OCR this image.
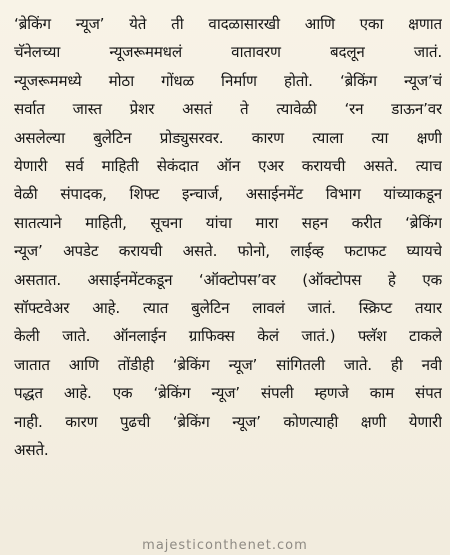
‘ब्रेकिंग न्यूज’ येते ती वादळासारखी आणि एका क्षणात
चॅनेलच्या न्यूजरूममधलं वातावरण बदलून जातं.
न्यूजरूममध्ये मोठा गोंधळ निर्माण होतो. ‘ब्रेकिंग न्यूज’चं
सर्वात जास्त प्रेशर असतं ते त्यावेळी ‘रन डाऊन’वर
असलेल्या बुलेटिन प्रोड्युसरवर. कारण त्याला त्या क्षणी
येणारी सर्व माहिती सेकंदात ऑन एअर करायची असते. त्याच
वेळी संपादक, शिफ्ट इन्चार्ज, असाईनमेंट विभाग यांच्याकडून
सातत्याने माहिती, सूचना यांचा मारा सहन करीत ‘ब्रेकिंग
न्यूज’ अपडेट करायची असते. फोनो, लाईव्ह फटाफट घ्यायचे
असतात. असाईनमेंटकडून ‘ऑक्टोपस’वर (ऑक्टोपस हे एक
सॉफ्टवेअर आहे. त्यात बुलेटिन लावलं जातं. स्क्रिप्ट तयार
केली जाते. ऑनलाईन ग्राफिक्स केलं जातं.) फ्लॅश टाकले
जातात आणि तोंडीही ‘ब्रेकिंग न्यूज’ सांगितली जाते. ही नवी
पद्धत आहे. एक ‘ब्रेकिंग न्यूज’ संपली म्हणजे काम संपत
नाही. कारण पुढची ‘ब्रेकिंग न्यूज’ कोणत्याही क्षणी येणारी
असते.
majesticonthenet.com
